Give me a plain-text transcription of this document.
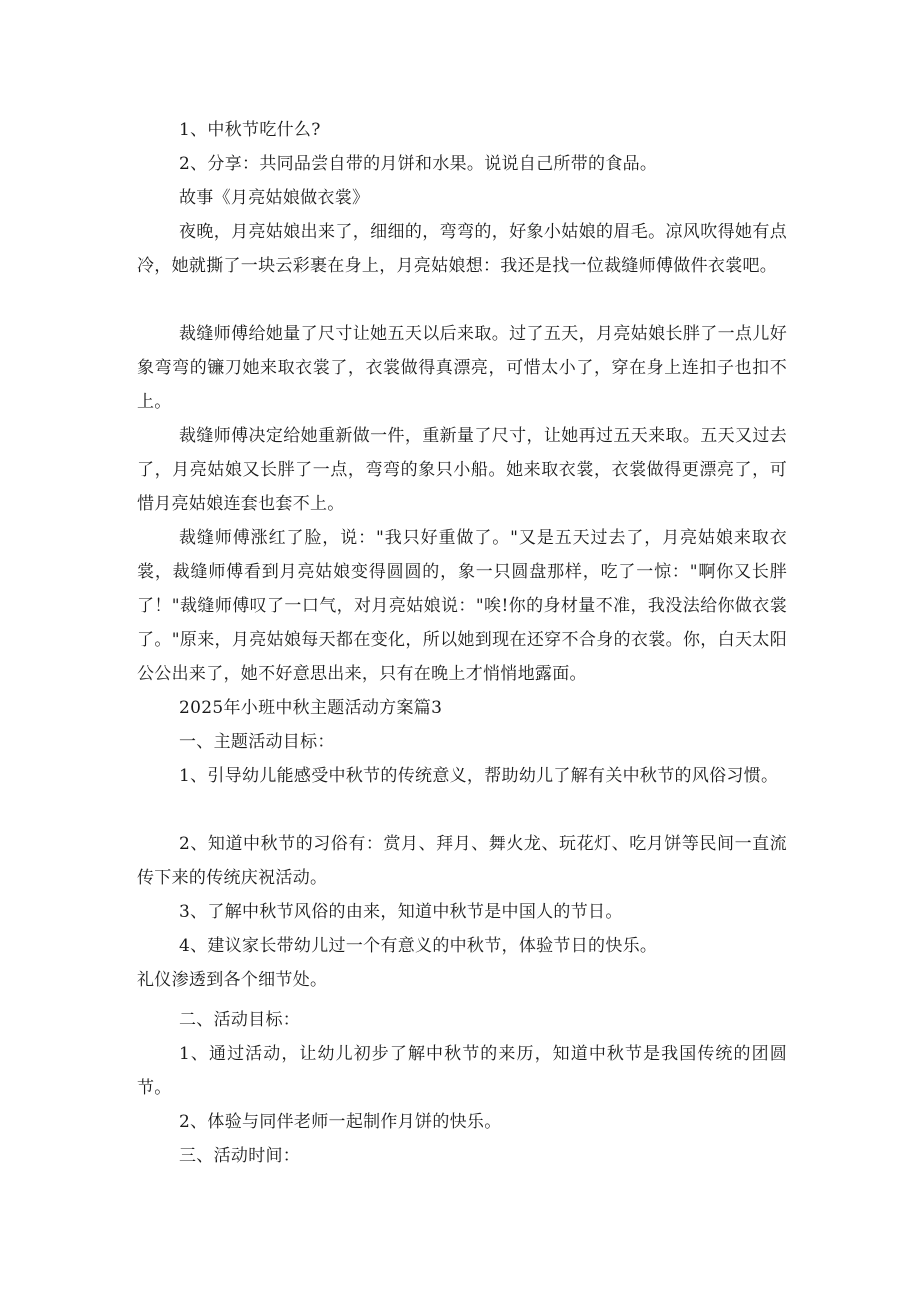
1、中秋节吃什么?
2、分享：共同品尝自带的月饼和水果。说说自己所带的食品。
故事《月亮姑娘做衣裳》
夜晚，月亮姑娘出来了，细细的，弯弯的，好象小姑娘的眉毛。凉风吹得她有点冷，她就撕了一块云彩裹在身上，月亮姑娘想：我还是找一位裁缝师傅做件衣裳吧。
裁缝师傅给她量了尺寸让她五天以后来取。过了五天，月亮姑娘长胖了一点儿好象弯弯的镰刀她来取衣裳了，衣裳做得真漂亮，可惜太小了，穿在身上连扣子也扣不上。
裁缝师傅决定给她重新做一件，重新量了尺寸，让她再过五天来取。五天又过去了，月亮姑娘又长胖了一点，弯弯的象只小船。她来取衣裳，衣裳做得更漂亮了，可惜月亮姑娘连套也套不上。
裁缝师傅涨红了脸，说："我只好重做了。"又是五天过去了，月亮姑娘来取衣裳，裁缝师傅看到月亮姑娘变得圆圆的，象一只圆盘那样，吃了一惊："啊你又长胖了！"裁缝师傅叹了一口气，对月亮姑娘说："唉!你的身材量不准，我没法给你做衣裳了。"原来，月亮姑娘每天都在变化，所以她到现在还穿不合身的衣裳。你，白天太阳公公出来了，她不好意思出来，只有在晚上才悄悄地露面。
2025年小班中秋主题活动方案篇3
一、主题活动目标：
1、引导幼儿能感受中秋节的传统意义，帮助幼儿了解有关中秋节的风俗习惯。
2、知道中秋节的习俗有：赏月、拜月、舞火龙、玩花灯、吃月饼等民间一直流传下来的传统庆祝活动。
3、了解中秋节风俗的由来，知道中秋节是中国人的节日。
4、建议家长带幼儿过一个有意义的中秋节，体验节日的快乐。
礼仪渗透到各个细节处。
二、活动目标：
1、通过活动，让幼儿初步了解中秋节的来历，知道中秋节是我国传统的团圆节。
2、体验与同伴老师一起制作月饼的快乐。
三、活动时间：
